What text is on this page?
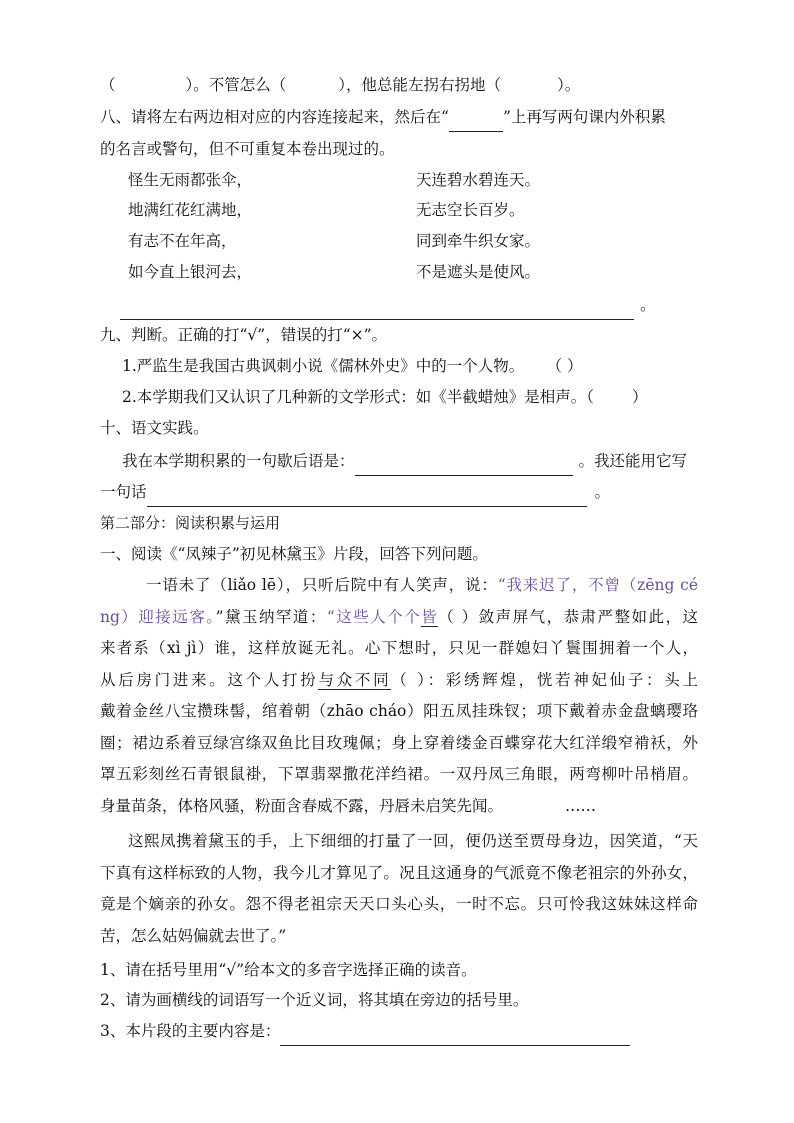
（	）。不管怎么（	），他总能左拐右拐地（	）。
八、请将左右两边相对应的内容连接起来，然后在“	”上再写两句课内外积累
的名言或警句，但不可重复本卷出现过的。
怪生无雨都张伞，	天连碧水碧连天。
地满红花红满地，	无志空长百岁。
有志不在年高，	同到牵牛织女家。
如今直上银河去，	不是遮头是使风。
。
九、判断。正确的打“√”，错误的打“×”。
1.严监生是我国古典讽刺小说《儒林外史》中的一个人物。 （ ）
2.本学期我们又认识了几种新的文学形式：如《半截蜡烛》是相声。（ ）
十、语文实践。
我在本学期积累的一句歇后语是：	。我还能用它写
一句话	。
第二部分：阅读积累与运用
一、阅读《“凤辣子”初见林黛玉》片段，回答下列问题。
一语未了（liǎo lē），只听后院中有人笑声，说：“我来迟了，不曾（zēng cé
ng）迎接远客。”黛玉纳罕道：“这些人个个皆（ ）敛声屏气，恭肃严整如此，这
来者系（xì jì）谁，这样放诞无礼。心下想时，只见一群媳妇丫鬟围拥着一个人，
从后房门进来。这个人打扮与众不同（ ）：彩绣辉煌，恍若神妃仙子：头上
戴着金丝八宝攒珠髻，绾着朝（zhāo cháo）阳五凤挂珠钗；项下戴着赤金盘螭璎珞
圈；裙边系着豆绿宫绦双鱼比目玫瑰佩；身上穿着缕金百蝶穿花大红洋缎窄褃袄，外
罩五彩刻丝石青银鼠褂，下罩翡翠撒花洋绉裙。一双丹凤三角眼，两弯柳叶吊梢眉。
身量苗条，体格风骚，粉面含春威不露，丹唇未启笑先闻。	……
这熙凤携着黛玉的手，上下细细的打量了一回，便仍送至贾母身边，因笑道，“天
下真有这样标致的人物，我今儿才算见了。况且这通身的气派竟不像老祖宗的外孙女，
竟是个嫡亲的孙女。怨不得老祖宗天天口头心头，一时不忘。只可怜我这妹妹这样命
苦，怎么姑妈偏就去世了。”
1、请在括号里用“√”给本文的多音字选择正确的读音。
2、请为画横线的词语写一个近义词，将其填在旁边的括号里。
3、本片段的主要内容是：
